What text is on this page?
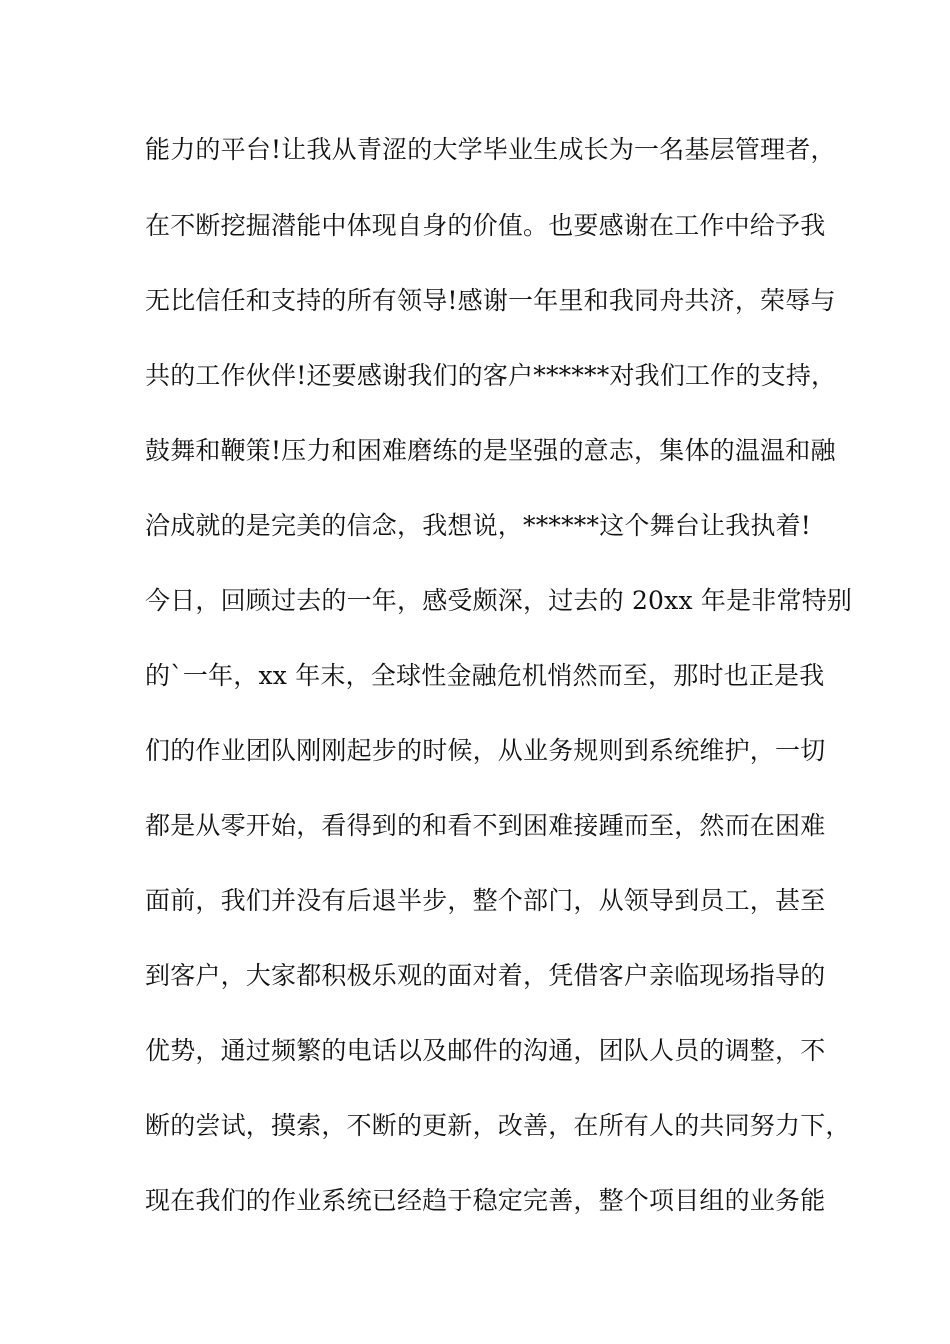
能力的平台!让我从青涩的大学毕业生成长为一名基层管理者，
在不断挖掘潜能中体现自身的价值。也要感谢在工作中给予我
无比信任和支持的所有领导!感谢一年里和我同舟共济，荣辱与
共的工作伙伴!还要感谢我们的客户******对我们工作的支持，
鼓舞和鞭策!压力和困难磨练的是坚强的意志，集体的温温和融
洽成就的是完美的信念，我想说，******这个舞台让我执着!
今日，回顾过去的一年，感受颇深，过去的 20xx 年是非常特别
的`一年，xx 年末，全球性金融危机悄然而至，那时也正是我
们的作业团队刚刚起步的时候，从业务规则到系统维护，一切
都是从零开始，看得到的和看不到困难接踵而至，然而在困难
面前，我们并没有后退半步，整个部门，从领导到员工，甚至
到客户，大家都积极乐观的面对着，凭借客户亲临现场指导的
优势，通过频繁的电话以及邮件的沟通，团队人员的调整，不
断的尝试，摸索，不断的更新，改善，在所有人的共同努力下，
现在我们的作业系统已经趋于稳定完善，整个项目组的业务能
